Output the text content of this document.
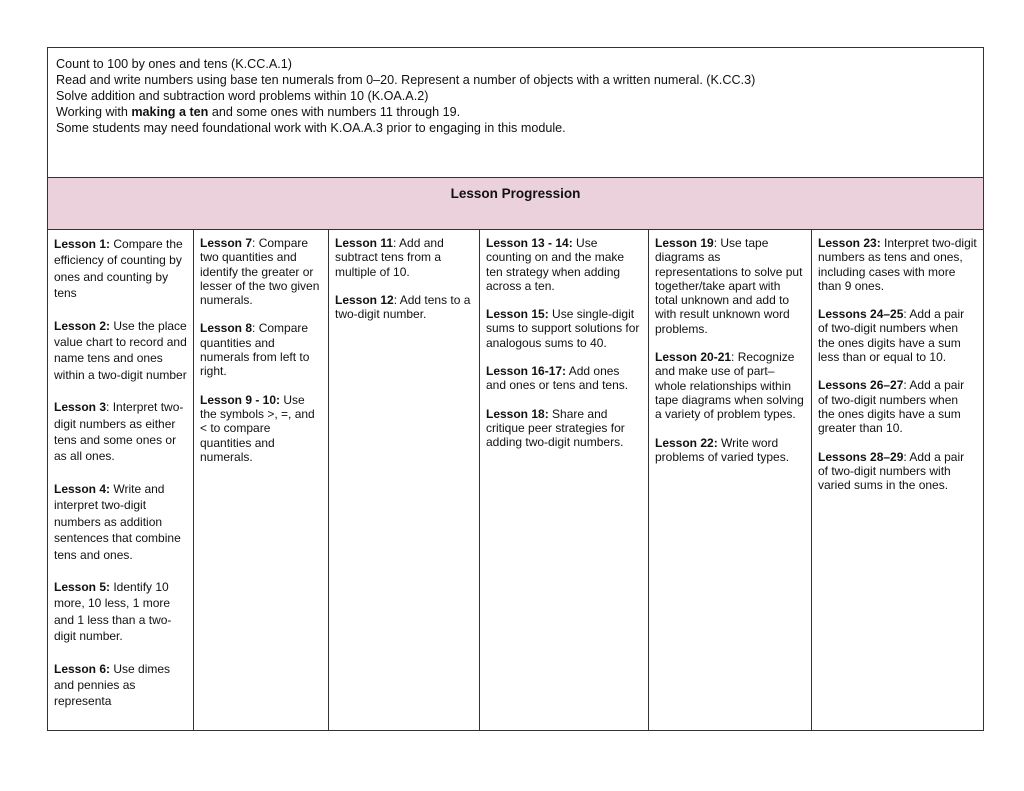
Count to 100 by ones and tens (K.CC.A.1)
Read and write numbers using base ten numerals from 0–20. Represent a number of objects with a written numeral. (K.CC.3)
Solve addition and subtraction word problems within 10 (K.OA.A.2)
Working with making a ten and some ones with numbers 11 through 19.
Some students may need foundational work with K.OA.A.3 prior to engaging in this module.
Lesson Progression

Lesson 1: Compare the efficiency of counting by ones and counting by tens

Lesson 2: Use the place value chart to record and name tens and ones within a two-digit number

Lesson 3: Interpret two- digit numbers as either tens and some ones or as all ones.

Lesson 4: Write and interpret two-digit numbers as addition sentences that combine tens and ones.

Lesson 5: Identify 10 more, 10 less, 1 more and 1 less than a two-digit number.

Lesson 6: Use dimes and pennies as representa

Lesson 7: Compare two quantities and identify the greater or lesser of the two given numerals.

Lesson 8: Compare quantities and numerals from left to right.

Lesson 9 - 10: Use the symbols >, =, and < to compare quantities and numerals.

Lesson 11: Add and subtract tens from a multiple of 10.

Lesson 12: Add tens to a two-digit number.

Lesson 13 - 14: Use counting on and the make ten strategy when adding across a ten.

Lesson 15: Use single-digit sums to support solutions for analogous sums to 40.

Lesson 16-17: Add ones and ones or tens and tens.

Lesson 18: Share and critique peer strategies for adding two-digit numbers.

Lesson 19: Use tape diagrams as representations to solve put together/take apart with total unknown and add to with result unknown word problems.

Lesson 20-21: Recognize and make use of part–whole relationships within tape diagrams when solving a variety of problem types.

Lesson 22: Write word problems of varied types.

Lesson 23: Interpret two-digit numbers as tens and ones, including cases with more than 9 ones.

Lessons 24–25: Add a pair of two-digit numbers when the ones digits have a sum less than or equal to 10.

Lessons 26–27: Add a pair of two-digit numbers when the ones digits have a sum greater than 10.

Lessons 28–29: Add a pair of two-digit numbers with varied sums in the ones.
